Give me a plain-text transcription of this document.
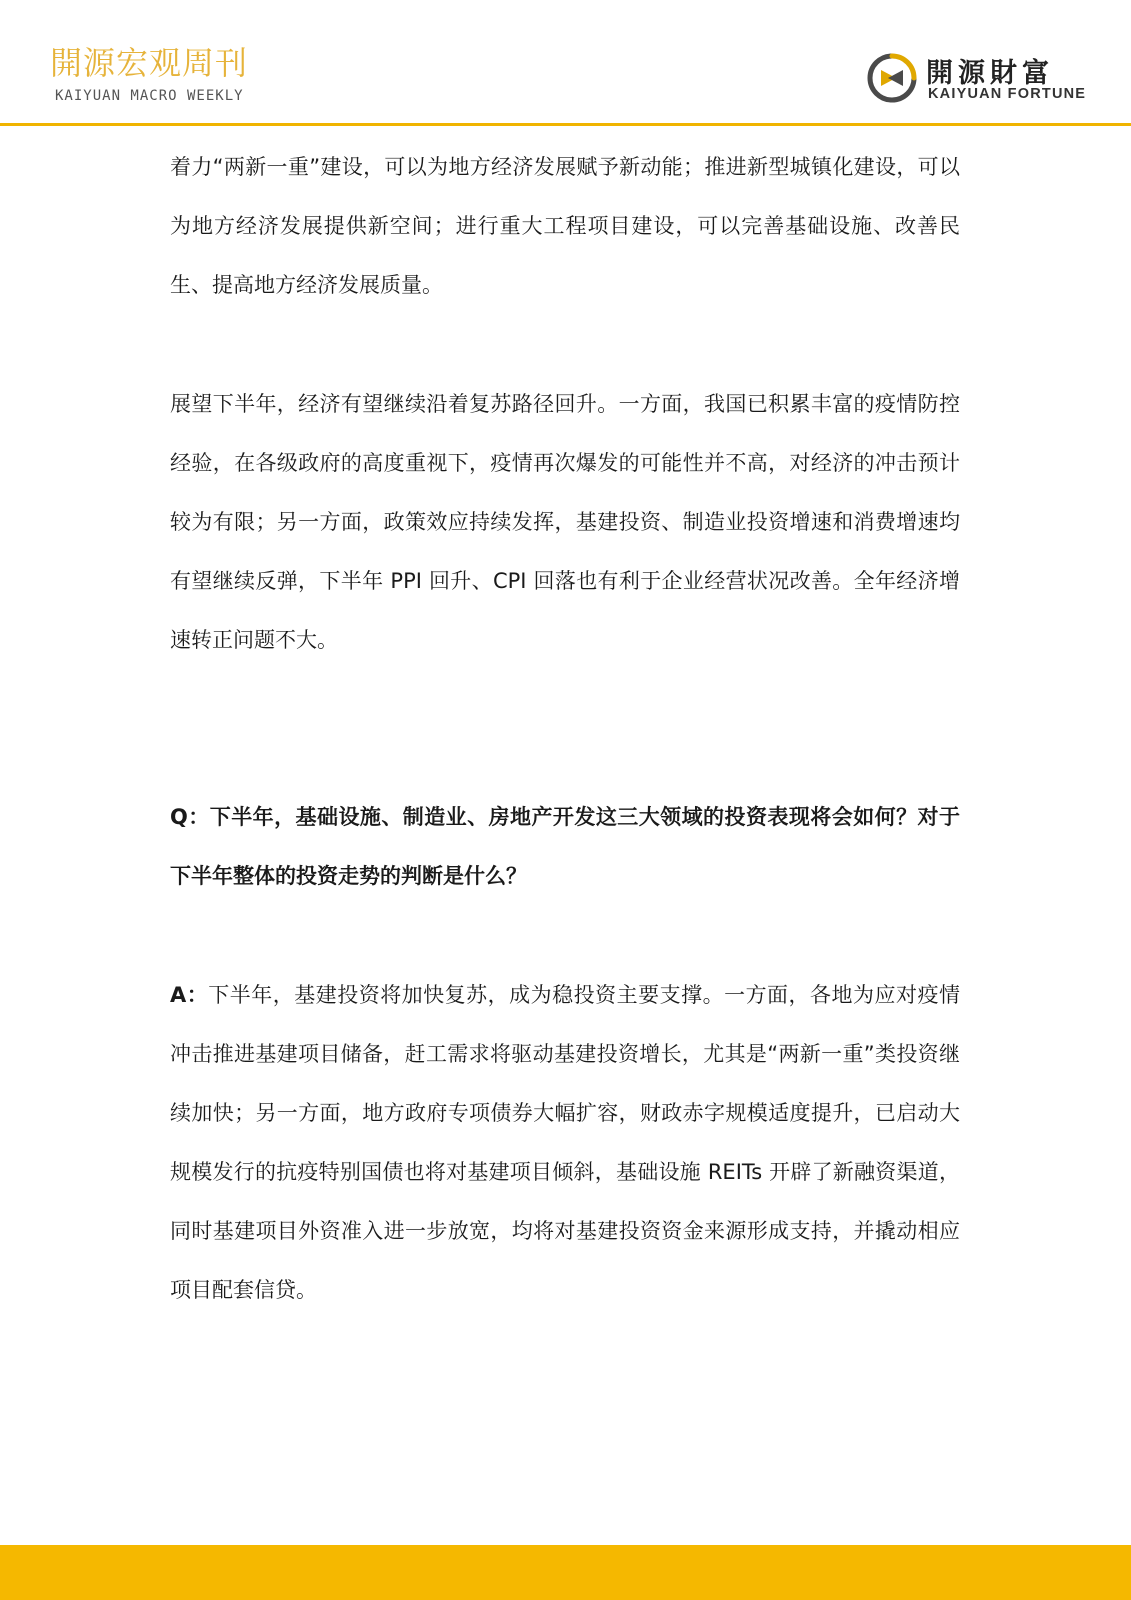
開源宏观周刊
KAIYUAN MACRO WEEKLY
開源財富
KAIYUAN FORTUNE

着力“两新一重”建设，可以为地方经济发展赋予新动能；推进新型城镇化建设，可以为地方经济发展提供新空间；进行重大工程项目建设，可以完善基础设施、改善民生、提高地方经济发展质量。

展望下半年，经济有望继续沿着复苏路径回升。一方面，我国已积累丰富的疫情防控经验，在各级政府的高度重视下，疫情再次爆发的可能性并不高，对经济的冲击预计较为有限；另一方面，政策效应持续发挥，基建投资、制造业投资增速和消费增速均有望继续反弹，下半年 PPI 回升、CPI 回落也有利于企业经营状况改善。全年经济增速转正问题不大。

Q：下半年，基础设施、制造业、房地产开发这三大领域的投资表现将会如何？对于下半年整体的投资走势的判断是什么？

A：下半年，基建投资将加快复苏，成为稳投资主要支撑。一方面，各地为应对疫情冲击推进基建项目储备，赶工需求将驱动基建投资增长，尤其是“两新一重”类投资继续加快；另一方面，地方政府专项债券大幅扩容，财政赤字规模适度提升，已启动大规模发行的抗疫特别国债也将对基建项目倾斜，基础设施 REITs 开辟了新融资渠道，同时基建项目外资准入进一步放宽，均将对基建投资资金来源形成支持，并撬动相应项目配套信贷。
